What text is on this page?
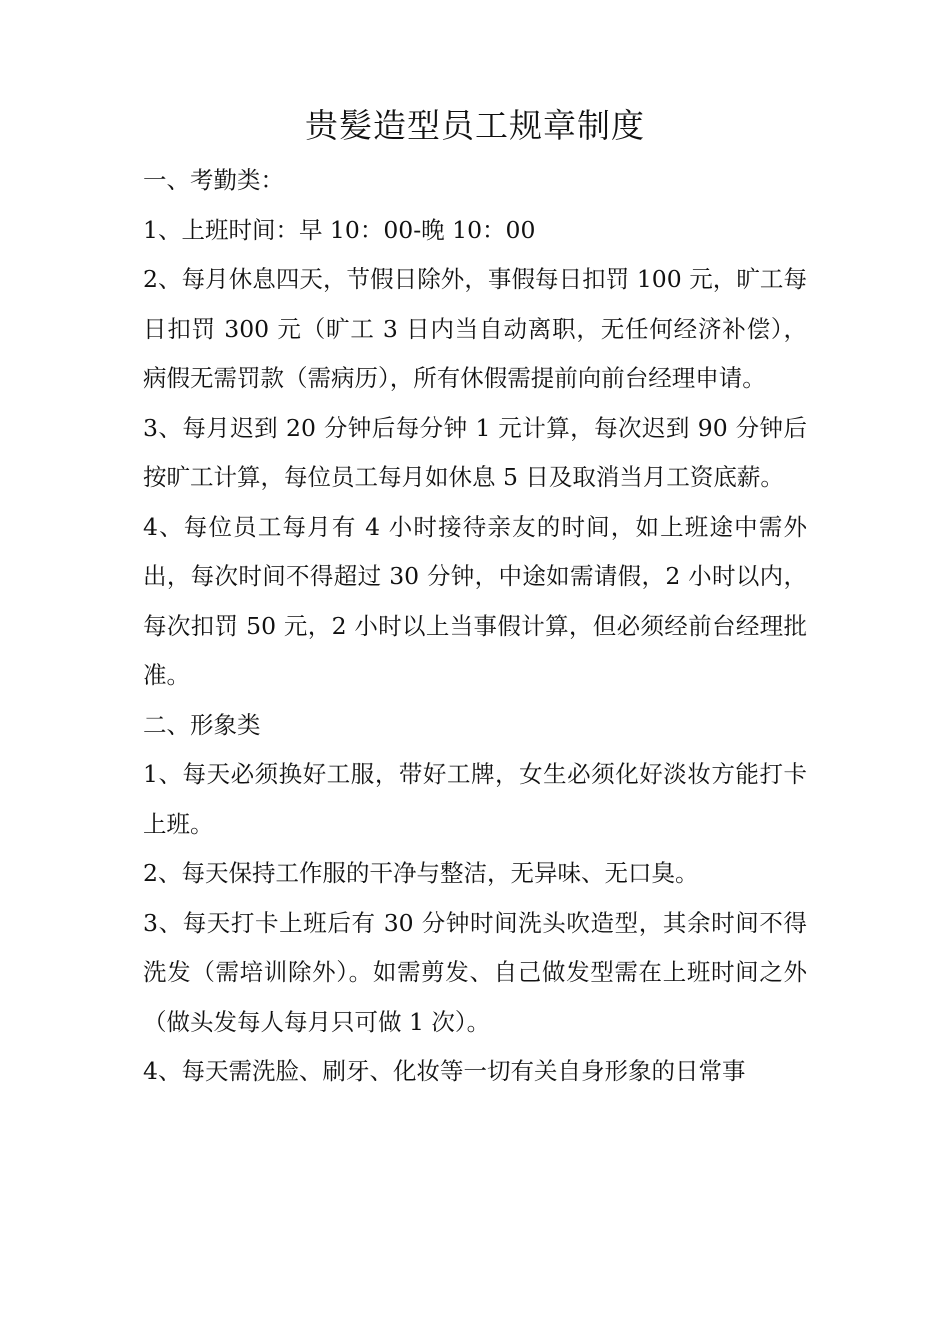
贵髪造型员工规章制度

一、考勤类：

1、上班时间：早 10：00-晚 10：00

2、每月休息四天，节假日除外，事假每日扣罚 100 元，旷工每日扣罚 300 元（旷工 3 日内当自动离职，无任何经济补偿），病假无需罚款（需病历），所有休假需提前向前台经理申请。

3、每月迟到 20 分钟后每分钟 1 元计算，每次迟到 90 分钟后按旷工计算，每位员工每月如休息 5 日及取消当月工资底薪。

4、每位员工每月有 4 小时接待亲友的时间，如上班途中需外出，每次时间不得超过 30 分钟，中途如需请假，2 小时以内，每次扣罚 50 元，2 小时以上当事假计算，但必须经前台经理批准。

二、形象类

1、每天必须换好工服，带好工牌，女生必须化好淡妆方能打卡上班。

2、每天保持工作服的干净与整洁，无异味、无口臭。

3、每天打卡上班后有 30 分钟时间洗头吹造型，其余时间不得洗发（需培训除外）。如需剪发、自己做发型需在上班时间之外（做头发每人每月只可做 1 次）。

4、每天需洗脸、刷牙、化妆等一切有关自身形象的日常事
